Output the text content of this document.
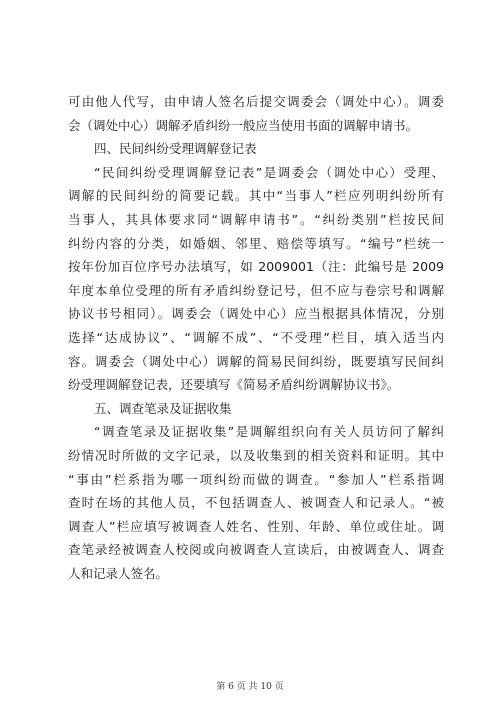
可由他人代写，由申请人签名后提交调委会（调处中心）。调委
会（调处中心）调解矛盾纠纷一般应当使用书面的调解申请书。
四、民间纠纷受理调解登记表
“民间纠纷受理调解登记表”是调委会（调处中心）受理、
调解的民间纠纷的简要记载。其中“当事人”栏应列明纠纷所有
当事人，其具体要求同“调解申请书”。“纠纷类别”栏按民间
纠纷内容的分类，如婚姻、邻里、赔偿等填写。“编号”栏统一
按年份加百位序号办法填写，如 2009001（注：此编号是 2009
年度本单位受理的所有矛盾纠纷登记号，但不应与卷宗号和调解
协议书号相同）。调委会（调处中心）应当根据具体情况，分别
选择“达成协议”、“调解不成”、“不受理”栏目，填入适当内
容。调委会（调处中心）调解的简易民间纠纷，既要填写民间纠
纷受理调解登记表，还要填写《简易矛盾纠纷调解协议书》。
五、调查笔录及证据收集
“调查笔录及证据收集”是调解组织向有关人员访问了解纠
纷情况时所做的文字记录，以及收集到的相关资料和证明。其中
“事由”栏系指为哪一项纠纷而做的调查。“参加人”栏系指调
查时在场的其他人员，不包括调查人、被调查人和记录人。“被
调查人”栏应填写被调查人姓名、性别、年龄、单位或住址。调
查笔录经被调查人校阅或向被调查人宣读后，由被调查人、调查
人和记录人签名。
第 6 页 共 10 页
